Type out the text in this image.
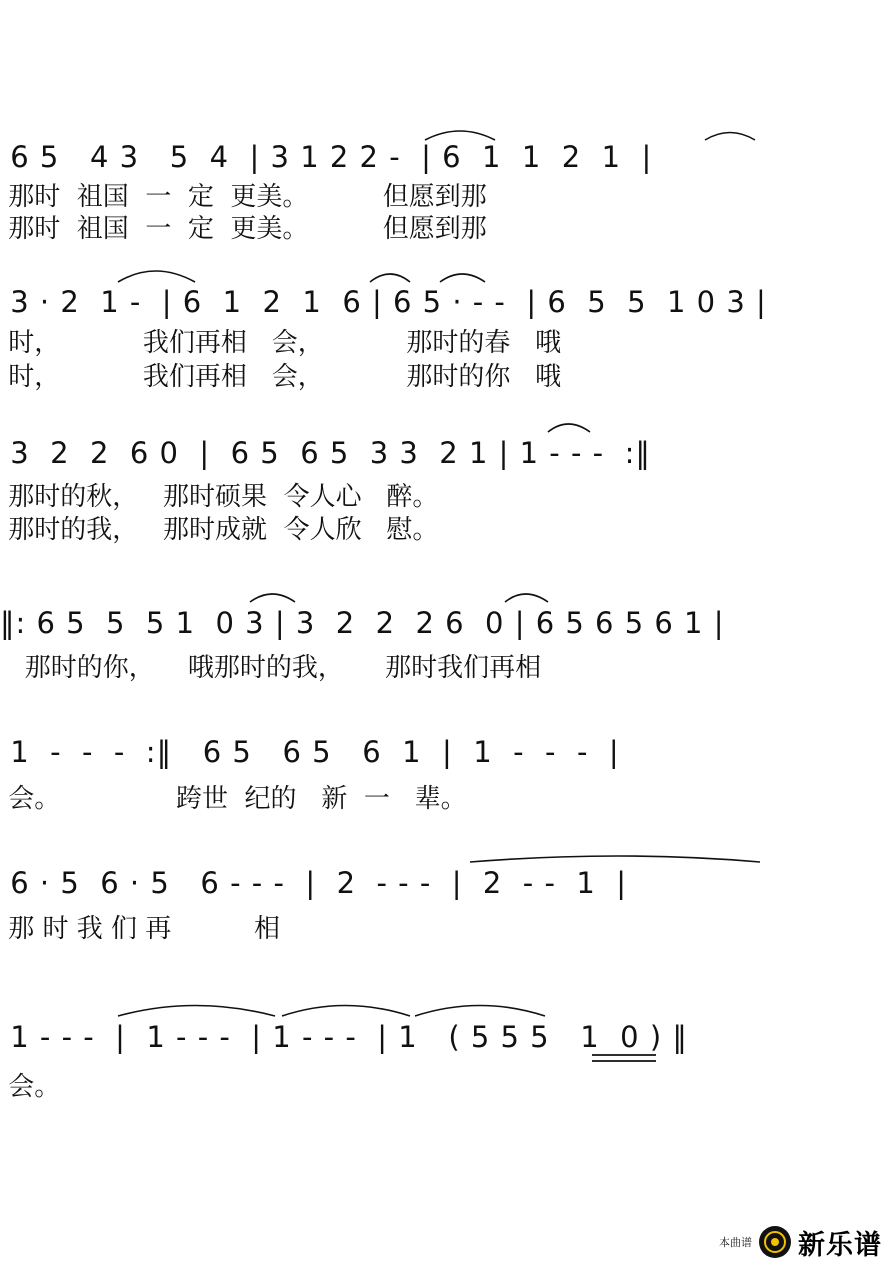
6 5   4 3   5  4  | 3 1 2 2 -  | 6  1  1  2  1  |
那时  祖国  一  定  更美。         但愿到那
那时  祖国  一  定  更美。         但愿到那
3 · 2  1 -  | 6  1  2  1  6 | 6 5 · - -  | 6  5  5  1 0 3 |
时，          我们再相   会，          那时的春   哦
时，          我们再相   会，          那时的你   哦
3  2  2  6 0  |  6 5  6 5  3 3  2 1 | 1 - - -  :‖
那时的秋，   那时硕果  令人心   醉。
那时的我，   那时成就  令人欣   慰。
‖: 6 5  5  5 1  0 3 | 3  2  2  2 6  0 | 6 5 6 5 6 1 |
那时的你，    哦那时的我，     那时我们再相
1  -  -  -  :‖   6 5   6 5   6  1  |  1  -  -  -  |
会。              跨世  纪的   新  一   辈。
6 · 5  6 · 5   6 - - -  |  2  - - -  |  2  - -  1  |
那 时 我 们 再          相
1 - - -  |  1 - - -  | 1 - - -  | 1   ( 5 5 5   1  0 ) ‖
会。
本曲谱 新乐谱
